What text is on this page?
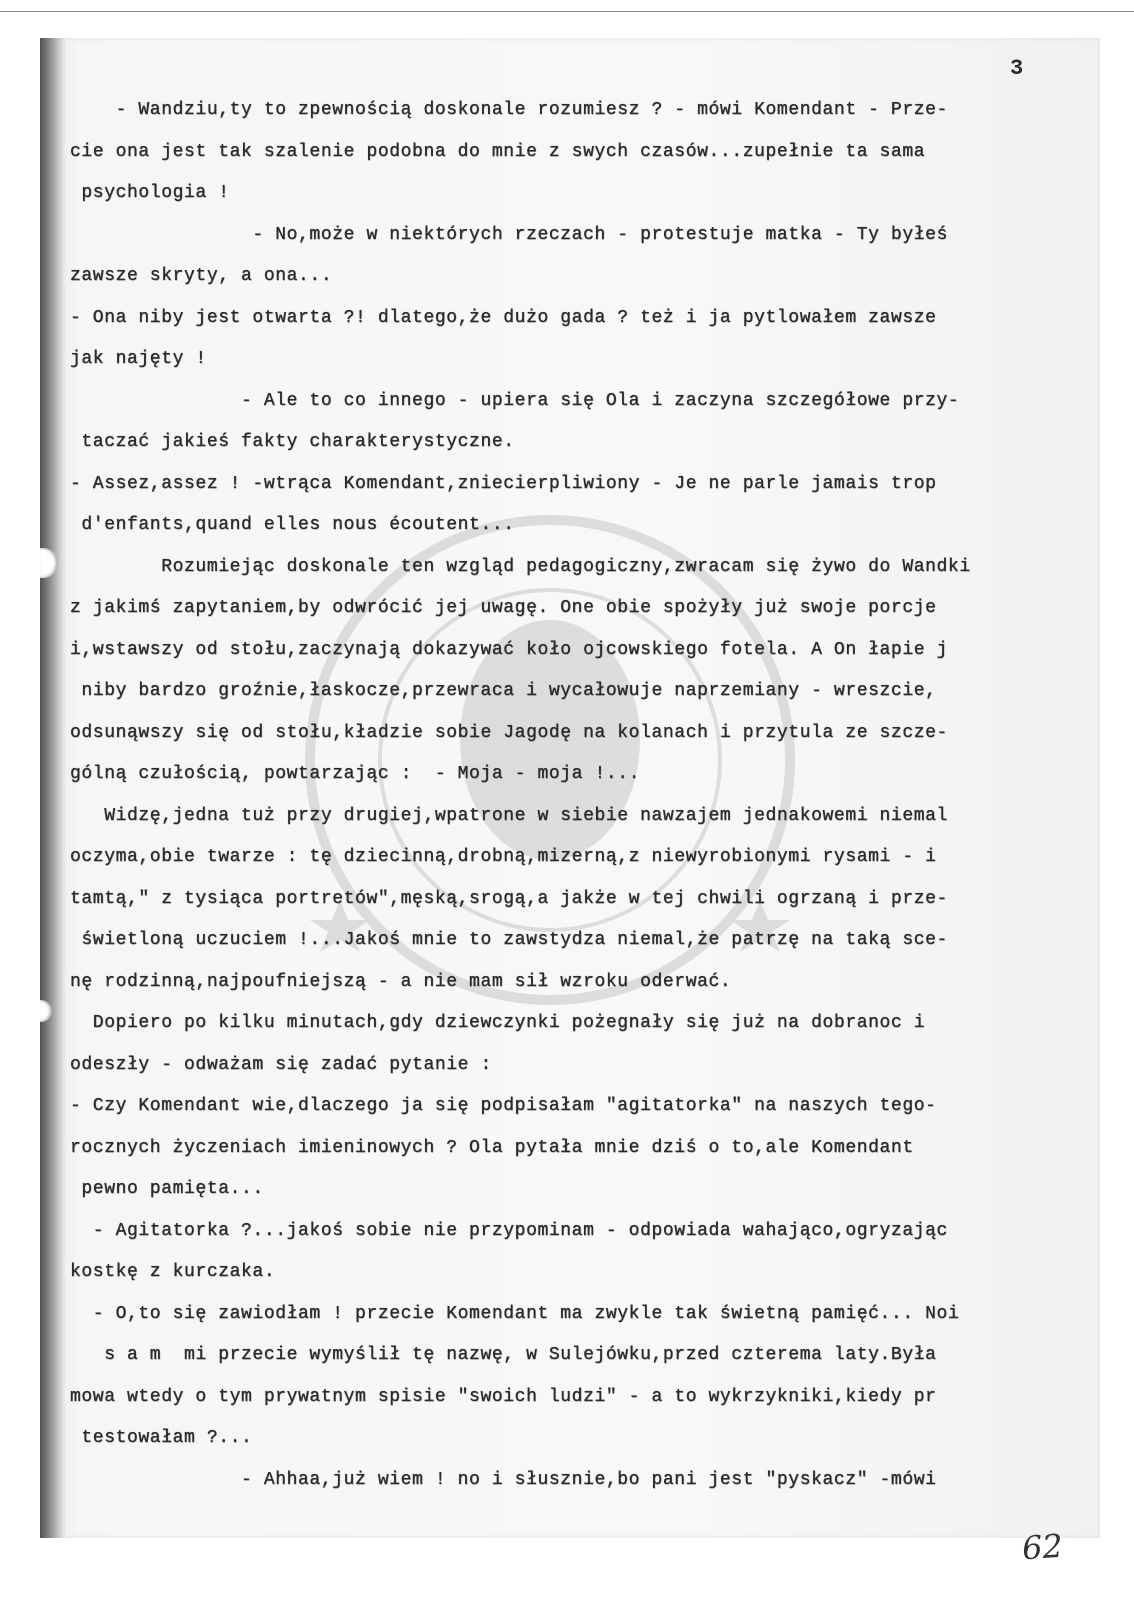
3
- Wandziu,ty to zpewnością doskonale rozumiesz ? - mówi Komendant - Prze-
cie ona jest tak szalenie podobna do mnie z swych czasów...zupełnie ta sama
psychologia !
- No,może w niektórych rzeczach - protestuje matka - Ty byłeś
zawsze skryty, a ona...
- Ona niby jest otwarta ?! dlatego,że dużo gada ? też i ja pytlowałem zawsze
jak najęty !
- Ale to co innego - upiera się Ola i zaczyna szczegółowe przy-
taczać jakieś fakty charakterystyczne.
- Assez,assez ! -wtrąca Komendant,zniecierpliwiony - Je ne parle jamais trop
d'enfants,quand elles nous écoutent...
Rozumiejąc doskonale ten wzgląd pedagogiczny,zwracam się żywo do Wandki
z jakimś zapytaniem,by odwrócić jej uwagę. One obie spożyły już swoje porcje
i,wstawszy od stołu,zaczynają dokazywać koło ojcowskiego fotela. A On łapie j
niby bardzo groźnie,łaskocze,przewraca i wycałowuje naprzemiany - wreszcie,
odsunąwszy się od stołu,kładzie sobie Jagodę na kolanach i przytula ze szcze-
gólną czułością, powtarzając :  - Moja - moja !...
Widzę,jedna tuż przy drugiej,wpatrone w siebie nawzajem jednakowemi niemal
oczyma,obie twarze : tę dziecinną,drobną,mizerną,z niewyrobionymi rysami - i
tamtą," z tysiąca portretów",męską,srogą,a jakże w tej chwili ogrzaną i prze-
świetloną uczuciem !...Jakoś mnie to zawstydza niemal,że patrzę na taką sce-
nę rodzinną,najpoufniejszą - a nie mam sił wzroku oderwać.
Dopiero po kilku minutach,gdy dziewczynki pożegnały się już na dobranoc i
odeszły - odważam się zadać pytanie :
- Czy Komendant wie,dlaczego ja się podpisałam "agitatorka" na naszych tego-
rocznych życzeniach imieninowych ? Ola pytała mnie dziś o to,ale Komendant
pewno pamięta...
- Agitatorka ?...jakoś sobie nie przypominam - odpowiada wahająco,ogryzając
kostkę z kurczaka.
- O,to się zawiodłam ! przecie Komendant ma zwykle tak świetną pamięć... Noi
s a m  mi przecie wymyślił tę nazwę, w Sulejówku,przed czterema laty.Była
mowa wtedy o tym prywatnym spisie "swoich ludzi" - a to wykrzykniki,kiedy pr
testowałam ?...
- Ahhaa,już wiem ! no i słusznie,bo pani jest "pyskacz" -mówi
62
